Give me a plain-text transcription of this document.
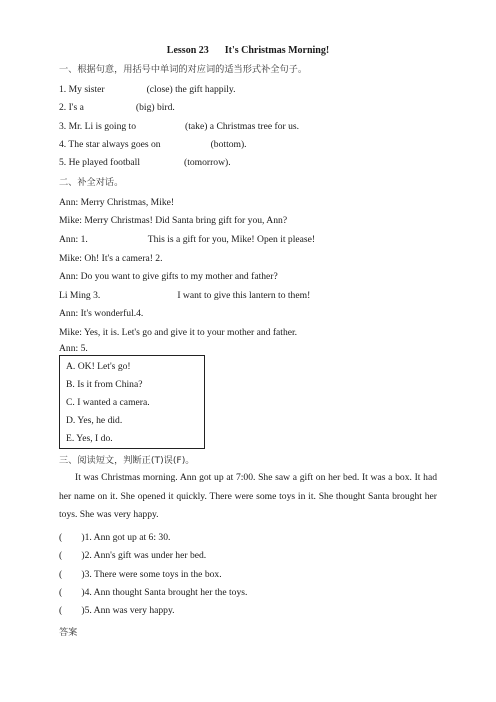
Lesson 23 It's Christmas Morning!
一、根据句意，用括号中单词的对应词的适当形式补全句子。
1. My sister	(close) the gift happily.
2. I's a	(big) bird.
3. Mr. Li is going to	(take) a Christmas tree for us.
4. The star always goes on	(bottom).
5. He played football	(tomorrow).
二、补全对话。
Ann: Merry Christmas, Mike!
Mike: Merry Christmas! Did Santa bring gift for you, Ann?
Ann: 1.	This is a gift for you, Mike! Open it please!
Mike: Oh! It's a camera! 2.
Ann: Do you want to give gifts to my mother and father?
Li Ming 3.	I want to give this lantern to them!
Ann: It's wonderful.4.
Mike: Yes, it is. Let's go and give it to your mother and father.
Ann: 5.
A. OK! Let's go!
B. Is it from China?
C. I wanted a camera.
D. Yes, he did.
E. Yes, I do.
三、阅读短文，判断正(T)误(F)。
It was Christmas morning. Ann got up at 7:00. She saw a gift on her bed. It was a box. It had her name on it. She opened it quickly. There were some toys in it. She thought Santa brought her toys. She was very happy.
(        )1. Ann got up at 6: 30.
(        )2. Ann's gift was under her bed.
(        )3. There were some toys in the box.
(        )4. Ann thought Santa brought her the toys.
(        )5. Ann was very happy.
答案
